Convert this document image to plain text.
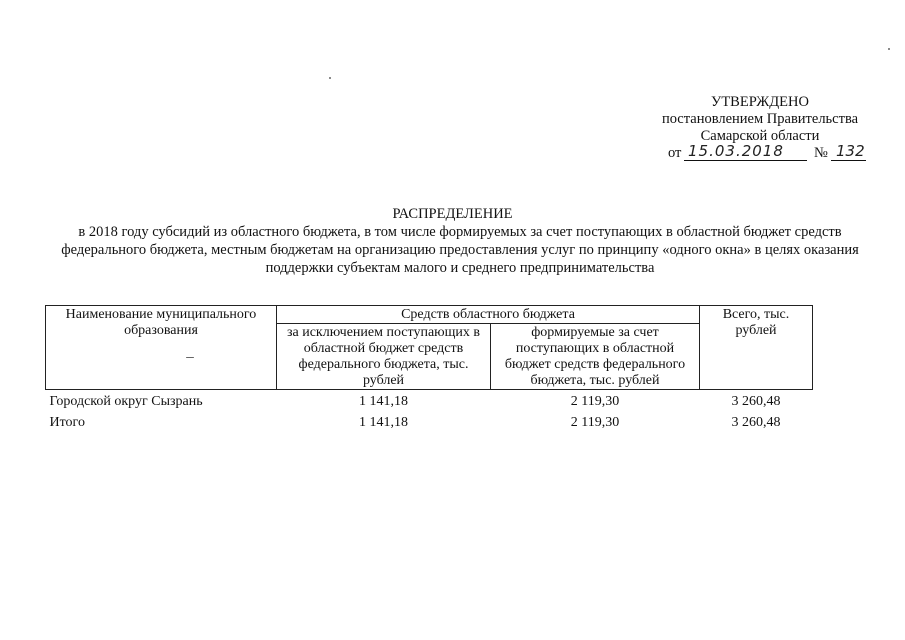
УТВЕРЖДЕНО
постановлением Правительства
Самарской области
от 15.03.2018 № 132
РАСПРЕДЕЛЕНИЕ
в 2018 году субсидий из областного бюджета, в том числе формируемых за счет поступающих в областной бюджет средств федерального бюджета, местным бюджетам на организацию предоставления услуг по принципу «одного окна» в целях оказания поддержки субъектам малого и среднего предпринимательства
Наименование муниципального образования	Средств областного бюджета		Всего, тыс. рублей
	за исключением поступающих в областной бюджет средств федерального бюджета, тыс. рублей	формируемые за счет поступающих в областной бюджет средств федерального бюджета, тыс. рублей	
Городской округ Сызрань	1 141,18	2 119,30	3 260,48
Итого	1 141,18	2 119,30	3 260,48
